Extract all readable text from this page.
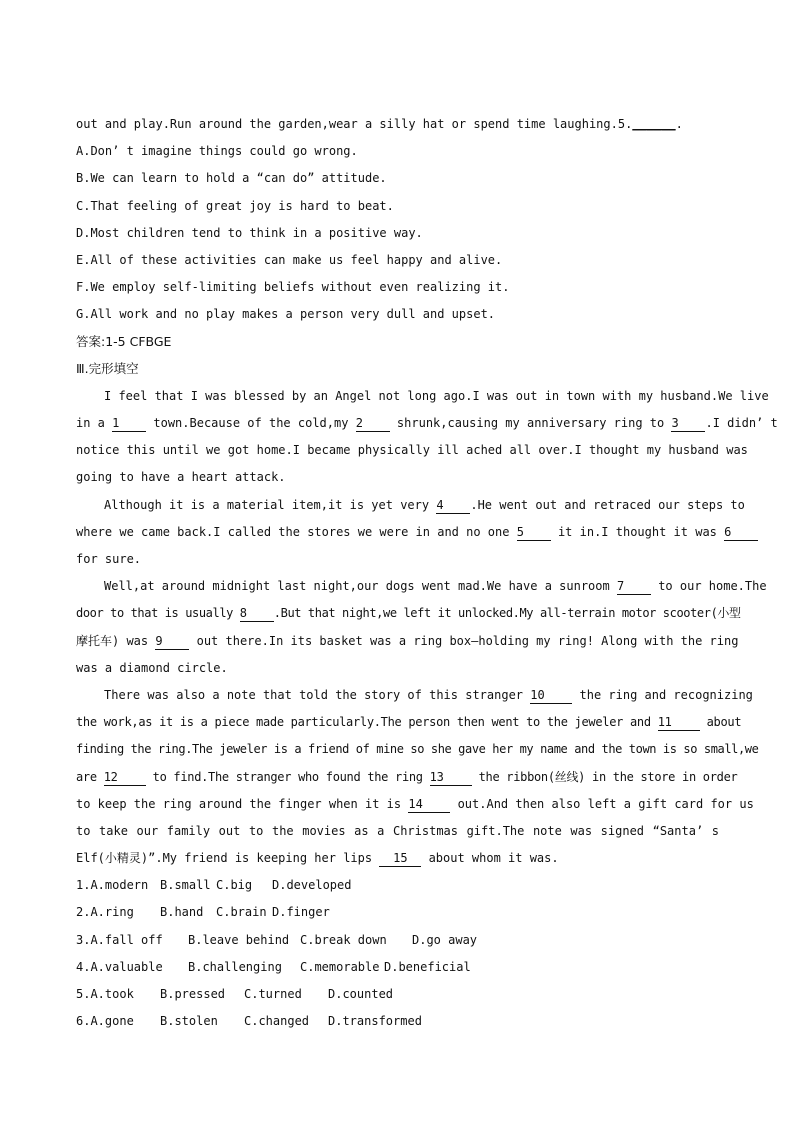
out and play.Run around the garden,wear a silly hat or spend time laughing.5.______.
A.Don’ t imagine things could go wrong.
B.We can learn to hold a “can do” attitude.
C.That feeling of great joy is hard to beat.
D.Most children tend to think in a positive way.
E.All of these activities can make us feel happy and alive.
F.We employ self-limiting beliefs without even realizing it.
G.All work and no play makes a person very dull and upset.
答案:1-5 CFBGE
Ⅲ.完形填空
I feel that I was blessed by an Angel not long ago.I was out in town with my husband.We live
in a 1	town.Because of the cold,my 2	shrunk,causing my anniversary ring to 3 .I didn’ t
notice this until we got home.I became physically ill ached all over.I thought my husband was
going to have a heart attack.
Although it is a material item,it is yet very 4 .He went out and retraced our steps to
where we came back.I called the stores we were in and no one 5	it in.I thought it was 6
for sure.
Well,at around midnight last night,our dogs went mad.We have a sunroom 7	to our home.The
door to that is usually 8 .But that night,we left it unlocked.My all-terrain motor scooter(小型
摩托车) was 9	out there.In its basket was a ring box—holding my ring! Along with the ring
was a diamond circle.
There was also a note that told the story of this stranger 10	the ring and recognizing
the work,as it is a piece made particularly.The person then went to the jeweler and 11	about
finding the ring.The jeweler is a friend of mine so she gave her my name and the town is so small,we
are 12	to find.The stranger who found the ring 13	the ribbon(丝线) in the store in order
to keep the ring around the finger when it is 14	out.And then also left a gift card for us
to take our family out to the movies as a Christmas gift.The note was signed “Santa’ s
Elf(小精灵)”.My friend is keeping her lips 15 about whom it was.
1.A.modern B.small C.big D.developed
2.A.ring B.hand C.brain D.finger
3.A.fall off B.leave behind C.break down D.go away
4.A.valuable B.challenging C.memorable D.beneficial
5.A.took B.pressed C.turned D.counted
6.A.gone B.stolen C.changed D.transformed
